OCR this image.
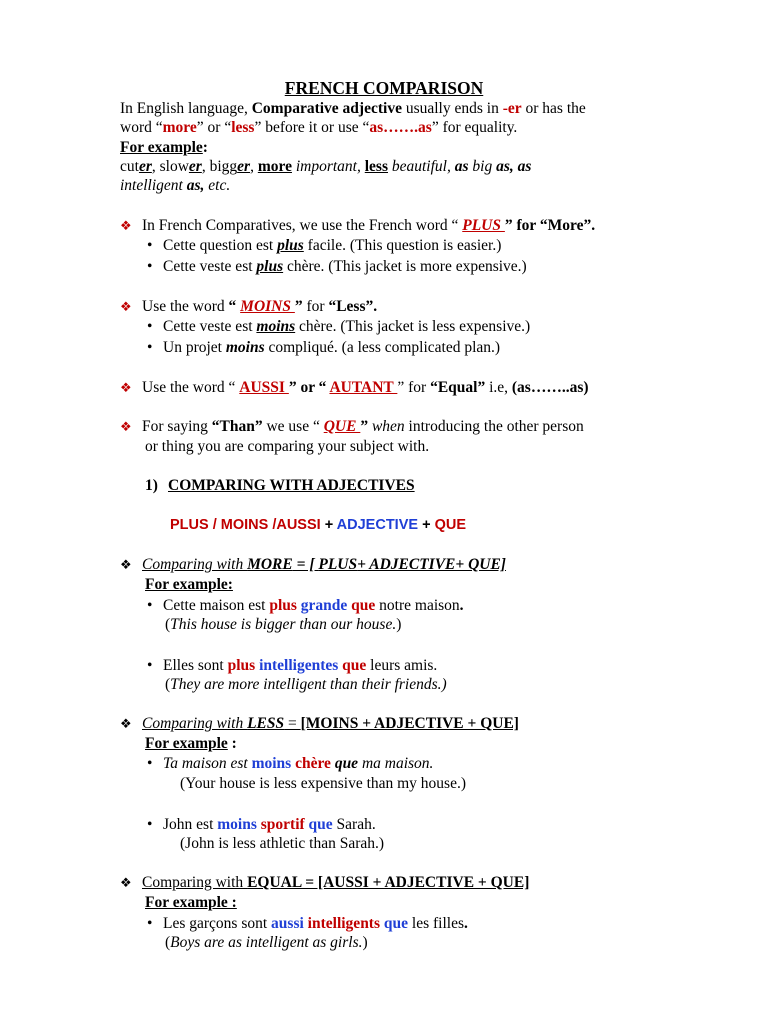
FRENCH COMPARISON
In English language, Comparative adjective usually ends in -er or has the
word “more” or “less” before it or use “as…….as” for equality.
For example:
cuter, slower, bigger, more important, less beautiful, as big as, as
intelligent as, etc.
❖ In French Comparatives, we use the French word “ PLUS ” for “More”.
• Cette question est plus facile. (This question is easier.)
• Cette veste est plus chère. (This jacket is more expensive.)
❖ Use the word “ MOINS ” for “Less”.
• Cette veste est moins chère. (This jacket is less expensive.)
• Un projet moins compliqué. (a less complicated plan.)
❖ Use the word “ AUSSI ” or “ AUTANT ” for “Equal” i.e, (as……..as)
❖ For saying “Than” we use “ QUE ” when introducing the other person
or thing you are comparing your subject with.
1) COMPARING WITH ADJECTIVES
PLUS / MOINS /AUSSI + ADJECTIVE + QUE
❖ Comparing with MORE = [ PLUS+ ADJECTIVE+ QUE]
For example:
• Cette maison est plus grande que notre maison.
(This house is bigger than our house.)
• Elles sont plus intelligentes que leurs amis.
(They are more intelligent than their friends.)
❖ Comparing with LESS = [MOINS + ADJECTIVE + QUE]
For example :
• Ta maison est moins chère que ma maison.
(Your house is less expensive than my house.)
• John est moins sportif que Sarah.
(John is less athletic than Sarah.)
❖ Comparing with EQUAL = [AUSSI + ADJECTIVE + QUE]
For example :
• Les garçons sont aussi intelligents que les filles.
(Boys are as intelligent as girls.)
